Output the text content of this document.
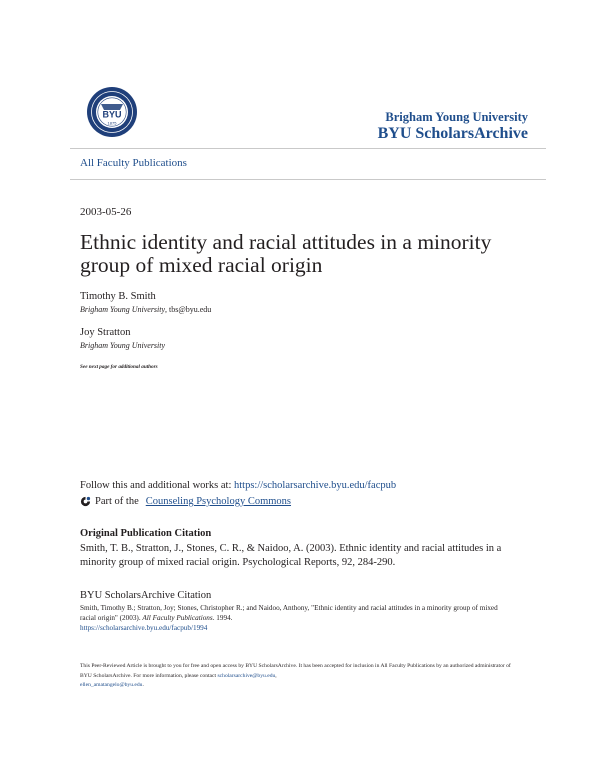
BYU
1875	Brigham Young University
BYU ScholarsArchive
All Faculty Publications
2003-05-26
Ethnic identity and racial attitudes in a minority group of mixed racial origin
Timothy B. Smith
Brigham Young University, tbs@byu.edu
Joy Stratton
Brigham Young University
See next page for additional authors
Follow this and additional works at: https://scholarsarchive.byu.edu/facpub
Part of the Counseling Psychology Commons
Original Publication Citation
Smith, T. B., Stratton, J., Stones, C. R., & Naidoo, A. (2003). Ethnic identity and racial attitudes in a minority group of mixed racial origin. Psychological Reports, 92, 284-290.
BYU ScholarsArchive Citation
Smith, Timothy B.; Stratton, Joy; Stones, Christopher R.; and Naidoo, Anthony, "Ethnic identity and racial attitudes in a minority group of mixed racial origin" (2003). All Faculty Publications. 1994.
https://scholarsarchive.byu.edu/facpub/1994
This Peer-Reviewed Article is brought to you for free and open access by BYU ScholarsArchive. It has been accepted for inclusion in All Faculty Publications by an authorized administrator of BYU ScholarsArchive. For more information, please contact scholarsarchive@byu.edu,
ellen_amatangelo@byu.edu.
